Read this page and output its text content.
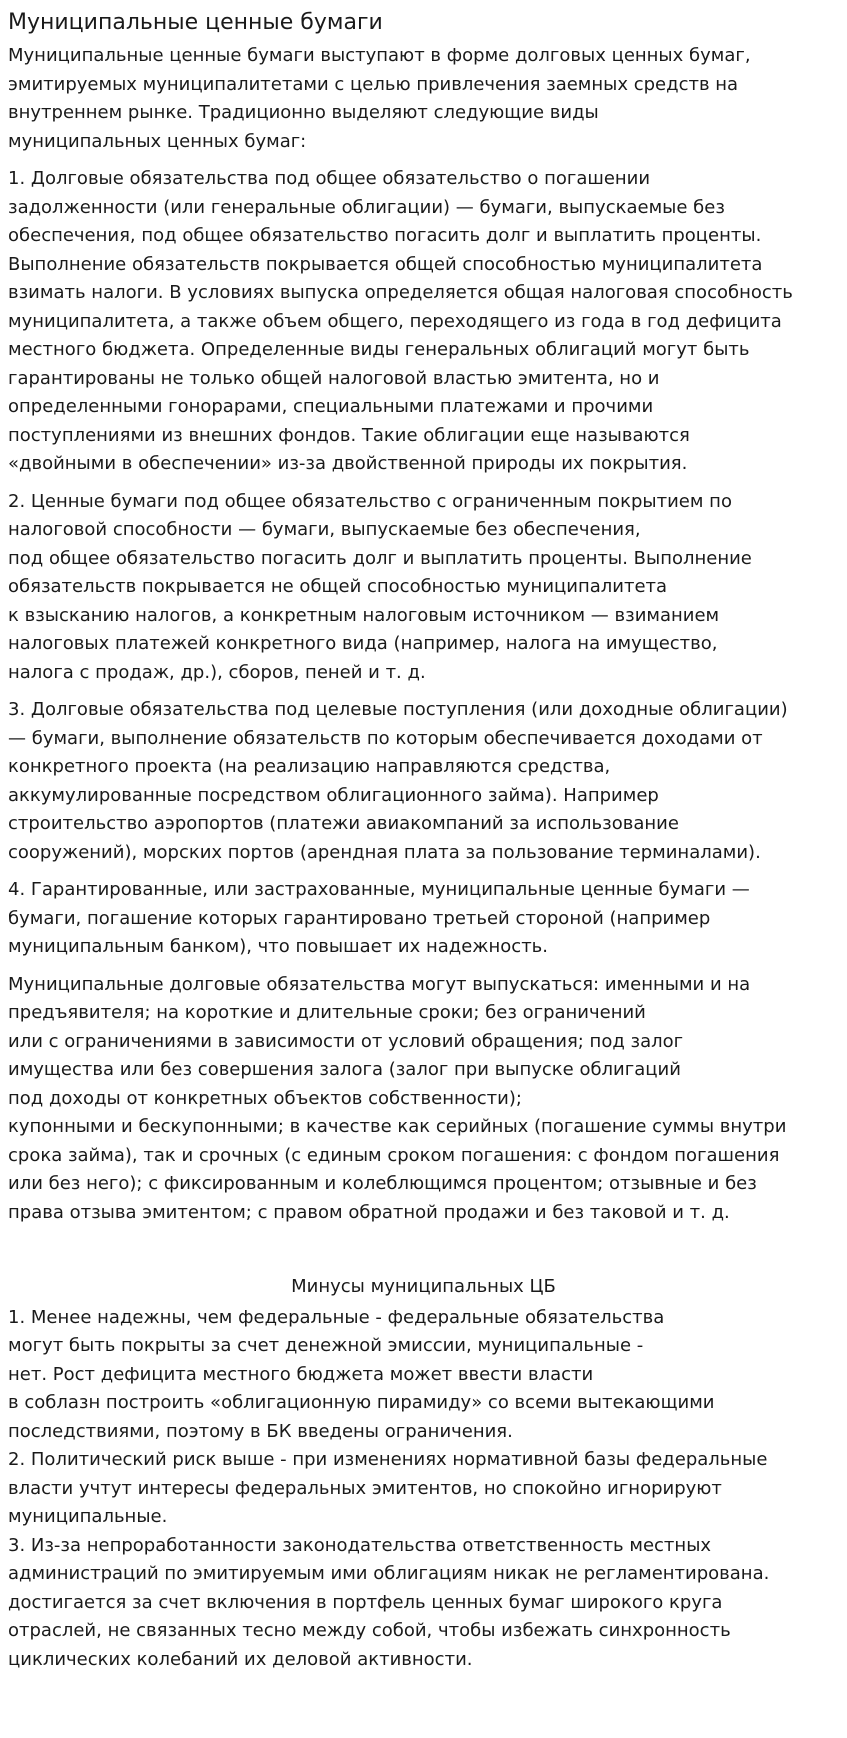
Муниципальные ценные бумаги

Муниципальные ценные бумаги выступают в форме долговых ценных бумаг,
эмитируемых муниципалитетами с целью привлечения заемных средств на
внутреннем рынке. Традиционно выделяют следующие виды
муниципальных ценных бумаг:

1. Долговые обязательства под общее обязательство о погашении
задолженности (или генеральные облигации) — бумаги, выпускаемые без
обеспечения, под общее обязательство погасить долг и выплатить проценты.
Выполнение обязательств покрывается общей способностью муниципалитета
взимать налоги. В условиях выпуска определяется общая налоговая способность
муниципалитета, а также объем общего, переходящего из года в год дефицита
местного бюджета. Определенные виды генеральных облигаций могут быть
гарантированы не только общей налоговой властью эмитента, но и
определенными гонорарами, специальными платежами и прочими
поступлениями из внешних фондов. Такие облигации еще называются
«двойными в обеспечении» из-за двойственной природы их покрытия.

2. Ценные бумаги под общее обязательство с ограниченным покрытием по
налоговой способности — бумаги, выпускаемые без обеспечения,
под общее обязательство погасить долг и выплатить проценты. Выполнение
обязательств покрывается не общей способностью муниципалитета
к взысканию налогов, а конкретным налоговым источником — взиманием
налоговых платежей конкретного вида (например, налога на имущество,
налога с продаж, др.), сборов, пеней и т. д.

3. Долговые обязательства под целевые поступления (или доходные облигации)
— бумаги, выполнение обязательств по которым обеспечивается доходами от
конкретного проекта (на реализацию направляются средства,
аккумулированные посредством облигационного займа). Например
строительство аэропортов (платежи авиакомпаний за использование
сооружений), морских портов (арендная плата за пользование терминалами).

4. Гарантированные, или застрахованные, муниципальные ценные бумаги —
бумаги, погашение которых гарантировано третьей стороной (например
муниципальным банком), что повышает их надежность.

Муниципальные долговые обязательства могут выпускаться: именными и на
предъявителя; на короткие и длительные сроки; без ограничений
или с ограничениями в зависимости от условий обращения; под залог
имущества или без совершения залога (залог при выпуске облигаций
под доходы от конкретных объектов собственности);
купонными и бескупонными; в качестве как серийных (погашение суммы внутри
срока займа), так и срочных (с единым сроком погашения: с фондом погашения
или без него); с фиксированным и колеблющимся процентом; отзывные и без
права отзыва эмитентом; с правом обратной продажи и без таковой и т. д.

Минусы муниципальных ЦБ

1. Менее надежны, чем федеральные - федеральные обязательства
могут быть покрыты за счет денежной эмиссии, муниципальные -
нет. Рост дефицита местного бюджета может ввести власти
в соблазн построить «облигационную пирамиду» со всеми вытекающими
последствиями, поэтому в БК введены ограничения.

2. Политический риск выше - при изменениях нормативной базы федеральные
власти учтут интересы федеральных эмитентов, но спокойно игнорируют
муниципальные.

3. Из-за непроработанности законодательства ответственность местных
администраций по эмитируемым ими облигациям никак не регламентирована.
достигается за счет включения в портфель ценных бумаг широкого круга
отраслей, не связанных тесно между собой, чтобы избежать синхронность
циклических колебаний их деловой активности.
